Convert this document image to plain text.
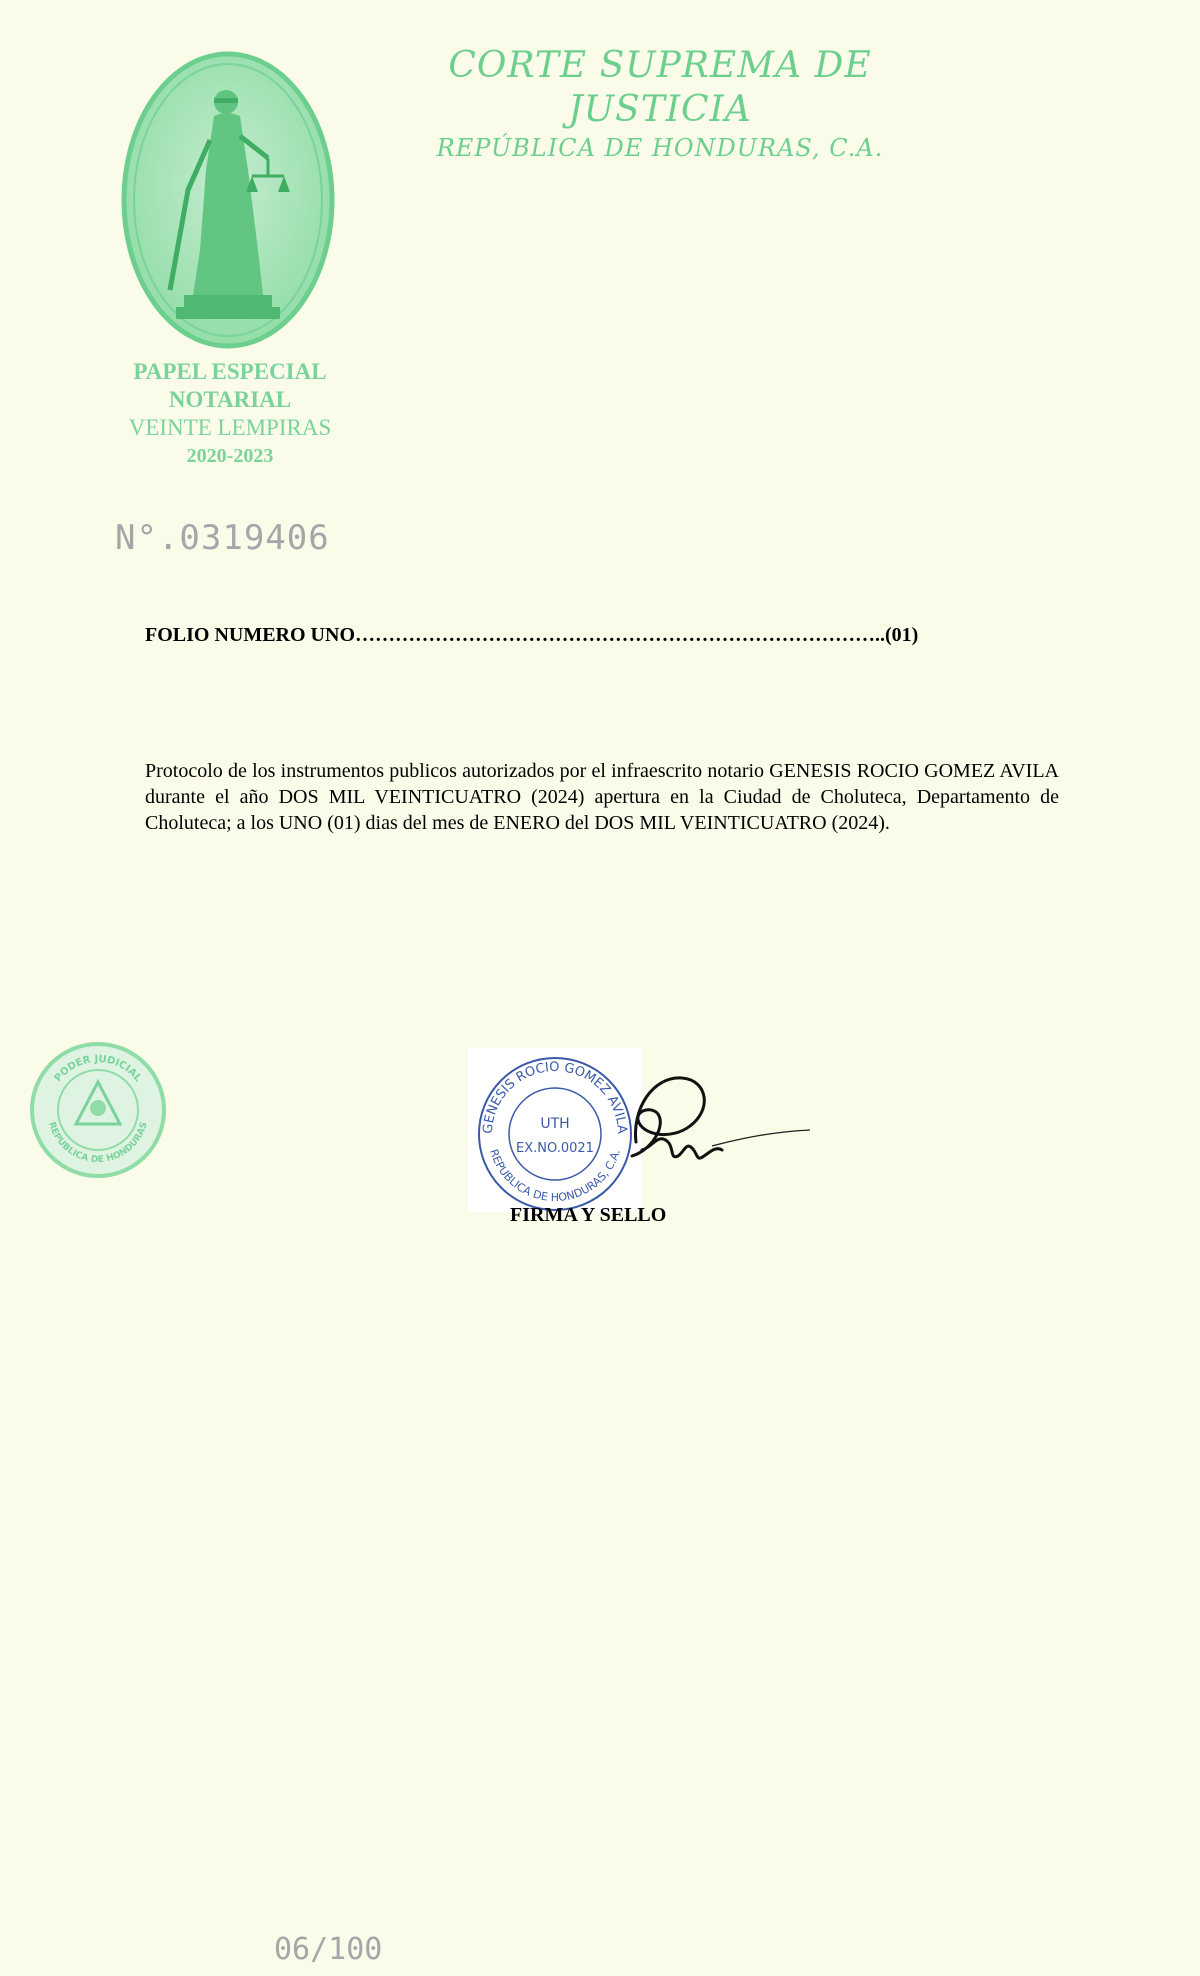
CORTE SUPREMA DE JUSTICIA
REPÚBLICA DE HONDURAS, C.A.
PAPEL ESPECIAL
NOTARIAL
VEINTE LEMPIRAS
2020-2023
N°.0319406
FOLIO NUMERO UNO……………………………………………………………………..(01)
Protocolo de los instrumentos publicos autorizados por el infraescrito notario GENESIS ROCIO GOMEZ AVILA durante el año DOS MIL VEINTICUATRO (2024) apertura en la Ciudad de Choluteca, Departamento de Choluteca; a los UNO (01) dias del mes de ENERO del DOS MIL VEINTICUATRO (2024).
PODER JUDICIAL
REPUBLICA DE HONDURAS	GENESIS ROCIO GOMEZ AVILA
REPUBLICA DE HONDURAS, C.A.
UTH
EX.NO.0021
FIRMA Y SELLO
06/100
